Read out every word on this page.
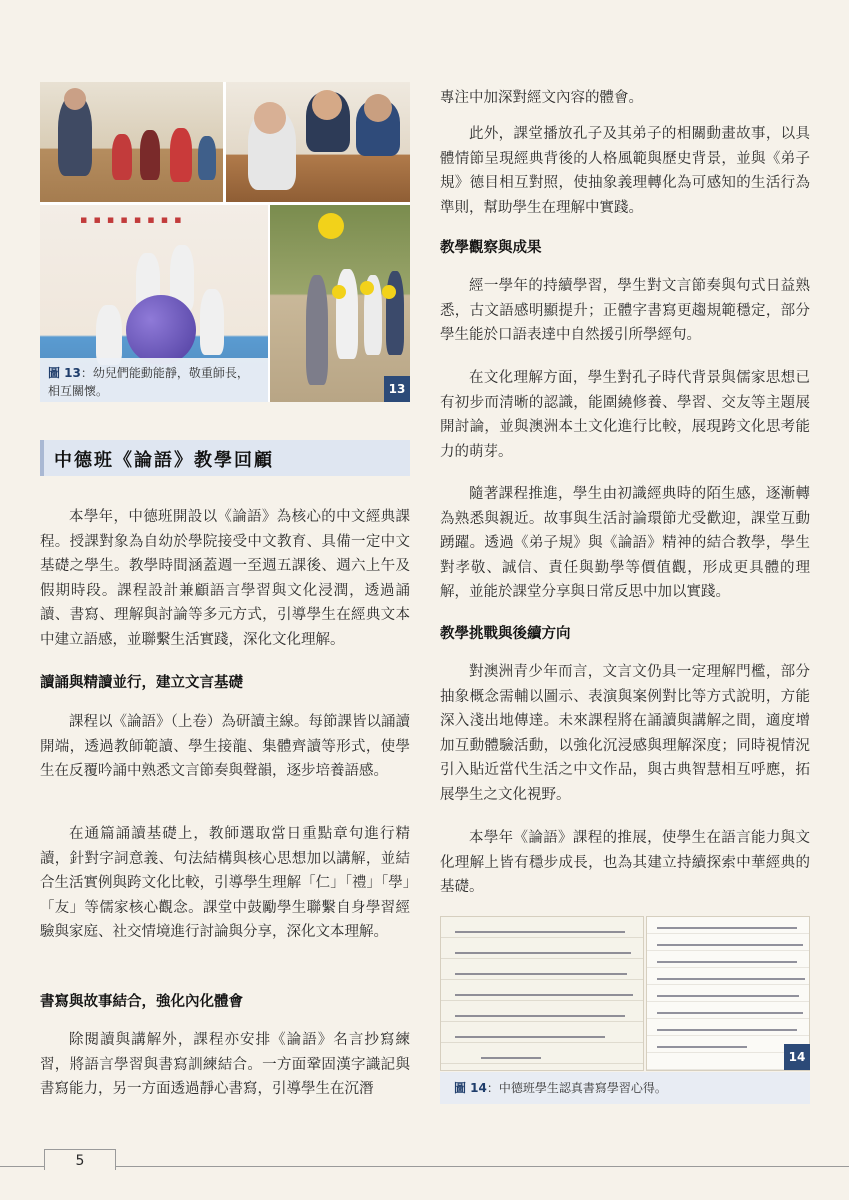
▪▪▪▪▪▪▪▪
圖 13：幼兒們能動能靜，敬重師長，相互關懷。	13
中德班《論語》教學回顧

本學年，中德班開設以《論語》為核心的中文經典課程。授課對象為自幼於學院接受中文教育、具備一定中文基礎之學生。教學時間涵蓋週一至週五課後、週六上午及假期時段。課程設計兼顧語言學習與文化浸潤，透過誦讀、書寫、理解與討論等多元方式，引導學生在經典文本中建立語感，並聯繫生活實踐，深化文化理解。

讀誦與精讀並行，建立文言基礎

課程以《論語》（上卷）為研讀主線。每節課皆以誦讀開端，透過教師範讀、學生接龍、集體齊讀等形式，使學生在反覆吟誦中熟悉文言節奏與聲韻，逐步培養語感。

在通篇誦讀基礎上，教師選取當日重點章句進行精讀，針對字詞意義、句法結構與核心思想加以講解，並結合生活實例與跨文化比較，引導學生理解「仁」「禮」「學」「友」等儒家核心觀念。課堂中鼓勵學生聯繫自身學習經驗與家庭、社交情境進行討論與分享，深化文本理解。

書寫與故事結合，強化內化體會

除閱讀與講解外，課程亦安排《論語》名言抄寫練習，將語言學習與書寫訓練結合。一方面鞏固漢字識記與書寫能力，另一方面透過靜心書寫，引導學生在沉潛

專注中加深對經文內容的體會。

此外，課堂播放孔子及其弟子的相關動畫故事，以具體情節呈現經典背後的人格風範與歷史背景，並與《弟子規》德目相互對照，使抽象義理轉化為可感知的生活行為準則，幫助學生在理解中實踐。

教學觀察與成果

經一學年的持續學習，學生對文言節奏與句式日益熟悉，古文語感明顯提升；正體字書寫更趨規範穩定，部分學生能於口語表達中自然援引所學經句。

在文化理解方面，學生對孔子時代背景與儒家思想已有初步而清晰的認識，能圍繞修養、學習、交友等主題展開討論，並與澳洲本土文化進行比較，展現跨文化思考能力的萌芽。

隨著課程推進，學生由初識經典時的陌生感，逐漸轉為熟悉與親近。故事與生活討論環節尤受歡迎，課堂互動踴躍。透過《弟子規》與《論語》精神的結合教學，學生對孝敬、誠信、責任與勤學等價值觀，形成更具體的理解，並能於課堂分享與日常反思中加以實踐。

教學挑戰與後續方向

對澳洲青少年而言，文言文仍具一定理解門檻，部分抽象概念需輔以圖示、表演與案例對比等方式說明，方能深入淺出地傳達。未來課程將在誦讀與講解之間，適度增加互動體驗活動，以強化沉浸感與理解深度；同時視情況引入貼近當代生活之中文作品，與古典智慧相互呼應，拓展學生之文化視野。

本學年《論語》課程的推展，使學生在語言能力與文化理解上皆有穩步成長，也為其建立持續探索中華經典的基礎。

14
圖 14：中德班學生認真書寫學習心得。
5
